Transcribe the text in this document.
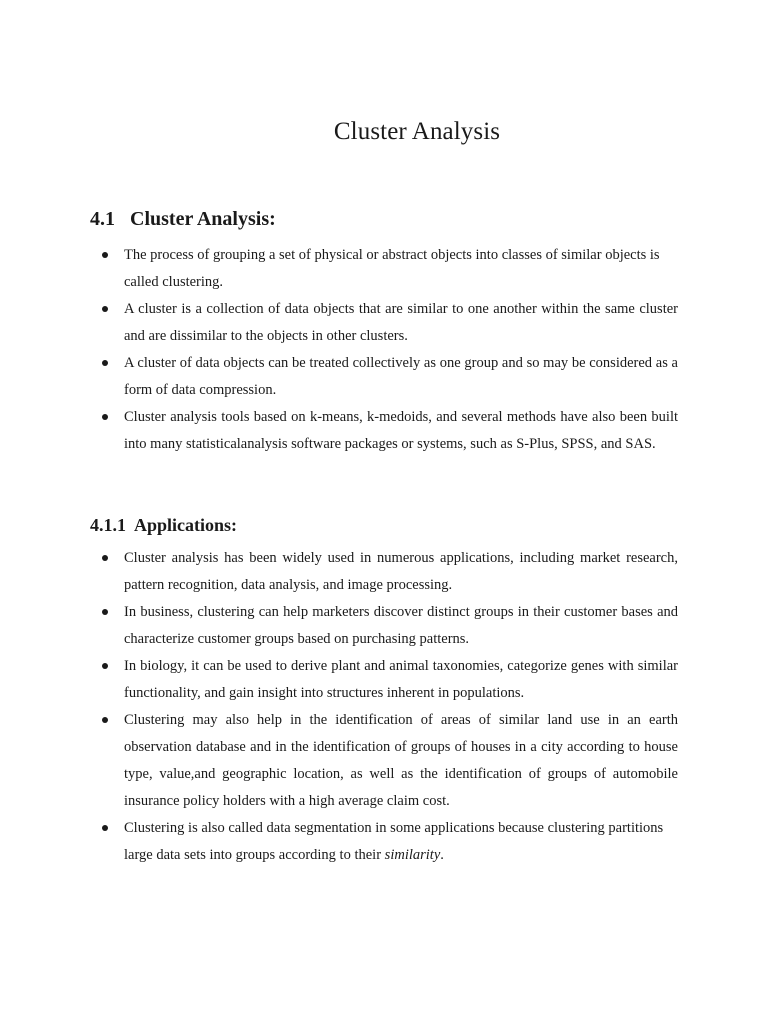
Cluster Analysis
4.1 Cluster Analysis:
The process of grouping a set of physical or abstract objects into classes of similar objects is called clustering.
A cluster is a collection of data objects that are similar to one another within the same cluster and are dissimilar to the objects in other clusters.
A cluster of data objects can be treated collectively as one group and so may be considered as a form of data compression.
Cluster analysis tools based on k-means, k-medoids, and several methods have also been built into many statisticalanalysis software packages or systems, such as S-Plus, SPSS, and SAS.
4.1.1 Applications:
Cluster analysis has been widely used in numerous applications, including market research, pattern recognition, data analysis, and image processing.
In business, clustering can help marketers discover distinct groups in their customer bases and characterize customer groups based on purchasing patterns.
In biology, it can be used to derive plant and animal taxonomies, categorize genes with similar functionality, and gain insight into structures inherent in populations.
Clustering may also help in the identification of areas of similar land use in an earth observation database and in the identification of groups of houses in a city according to house type, value,and geographic location, as well as the identification of groups of automobile insurance policy holders with a high average claim cost.
Clustering is also called data segmentation in some applications because clustering partitions large data sets into groups according to their similarity.
